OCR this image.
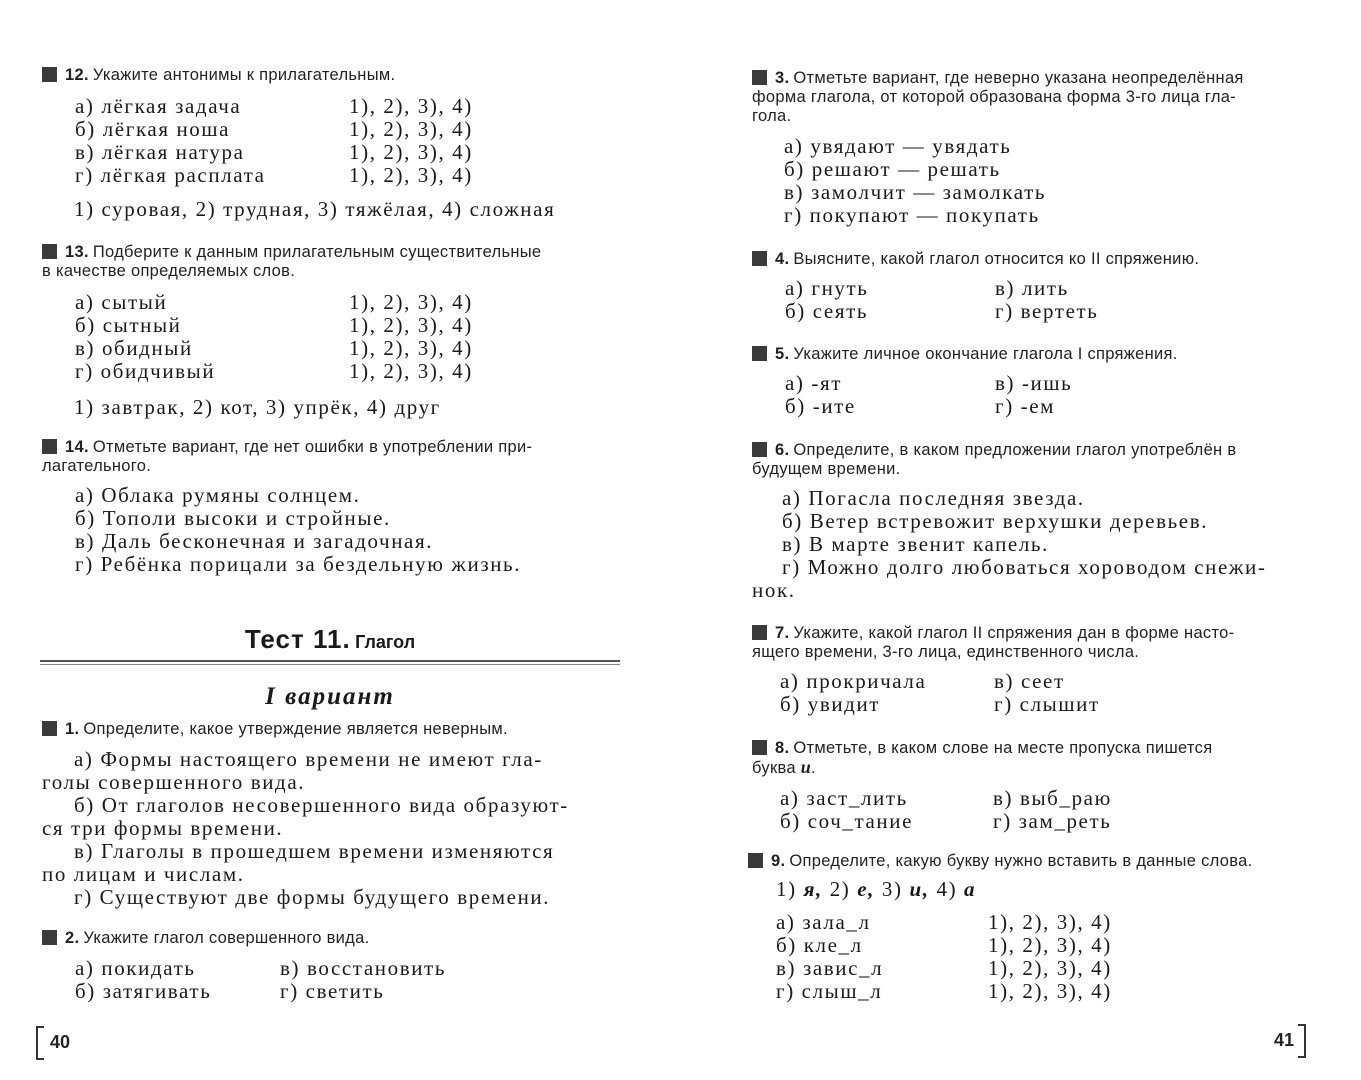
12. Укажите антонимы к прилагательным.
а) лёгкая задача	1), 2), 3), 4)
б) лёгкая ноша	1), 2), 3), 4)
в) лёгкая натура	1), 2), 3), 4)
г) лёгкая расплата	1), 2), 3), 4)
1) суровая, 2) трудная, 3) тяжёлая, 4) сложная
13. Подберите к данным прилагательным существительные
в качестве определяемых слов.
а) сытый	1), 2), 3), 4)
б) сытный	1), 2), 3), 4)
в) обидный	1), 2), 3), 4)
г) обидчивый	1), 2), 3), 4)
1) завтрак, 2) кот, 3) упрёк, 4) друг
14. Отметьте вариант, где нет ошибки в употреблении при-
лагательного.
а) Облака румяны солнцем.
б) Тополи высоки и стройные.
в) Даль бесконечная и загадочная.
г) Ребёнка порицали за бездельную жизнь.
Тест 11. Глагол
I вариант
1. Определите, какое утверждение является неверным.
а) Формы настоящего времени не имеют гла-
голы совершенного вида.
б) От глаголов несовершенного вида образуют-
ся три формы времени.
в) Глаголы в прошедшем времени изменяются
по лицам и числам.
г) Существуют две формы будущего времени.
2. Укажите глагол совершенного вида.
а) покидать	в) восстановить
б) затягивать	г) светить
40
3. Отметьте вариант, где неверно указана неопределённая
форма глагола, от которой образована форма 3-го лица гла-
гола.
а) увядают — увядать
б) решают — решать
в) замолчит — замолкать
г) покупают — покупать
4. Выясните, какой глагол относится ко II спряжению.
а) гнуть	в) лить
б) сеять	г) вертеть
5. Укажите личное окончание глагола I спряжения.
а) -ят	в) -ишь
б) -ите	г) -ем
6. Определите, в каком предложении глагол употреблён в
будущем времени.
а) Погасла последняя звезда.
б) Ветер встревожит верхушки деревьев.
в) В марте звенит капель.
г) Можно долго любоваться хороводом снежи-
нок.
7. Укажите, какой глагол II спряжения дан в форме насто-
ящего времени, 3-го лица, единственного числа.
а) прокричала	в) сеет
б) увидит	г) слышит
8. Отметьте, в каком слове на месте пропуска пишется
буква и.
а) заст_лить	в) выб_раю
б) соч_тание	г) зам_реть
9. Определите, какую букву нужно вставить в данные слова.
1) я, 2) е, 3) и, 4) а
а) зала_л	1), 2), 3), 4)
б) кле_л	1), 2), 3), 4)
в) завис_л	1), 2), 3), 4)
г) слыш_л	1), 2), 3), 4)
41
